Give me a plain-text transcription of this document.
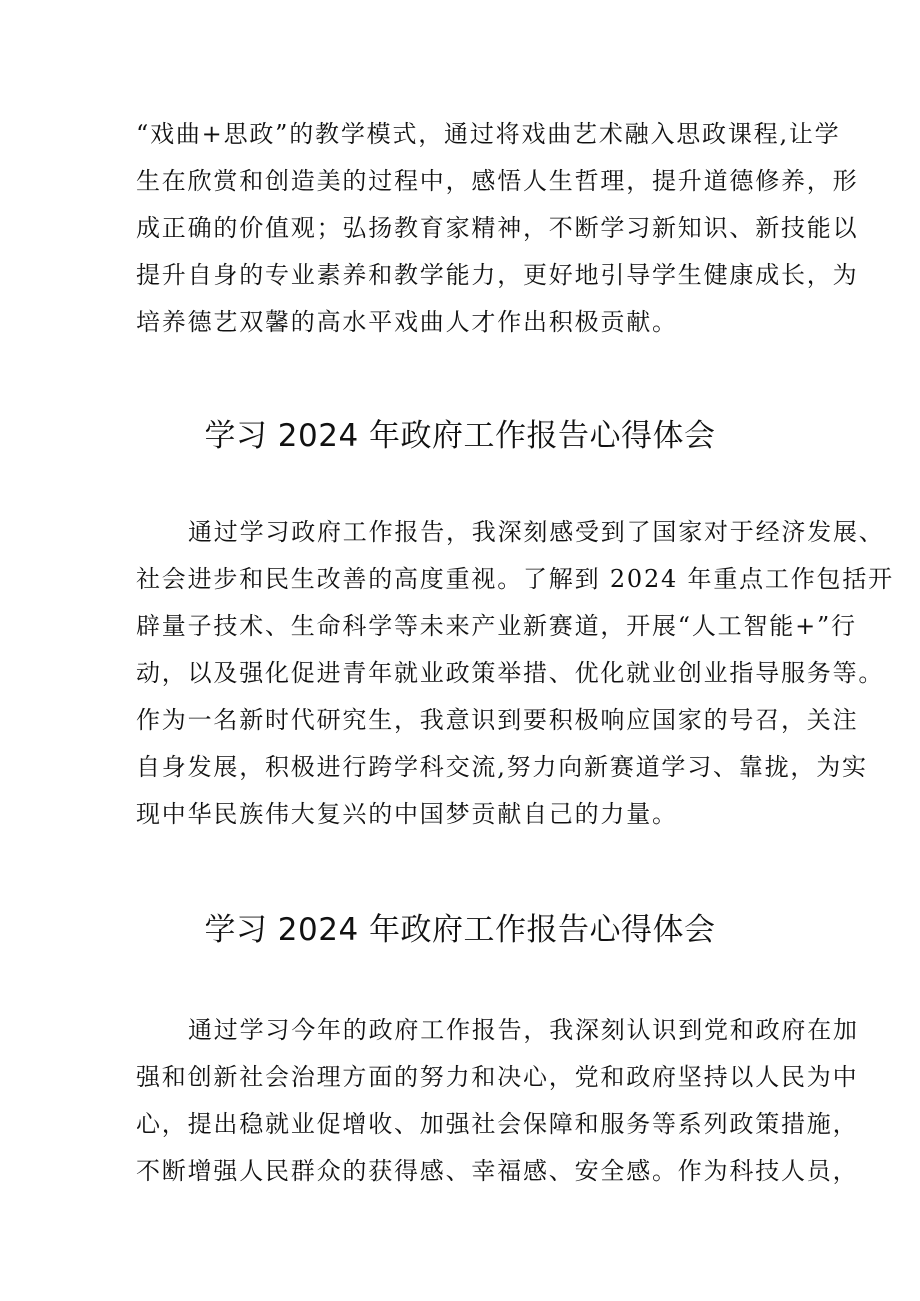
“戏曲+思政”的教学模式，通过将戏曲艺术融入思政课程,让学
生在欣赏和创造美的过程中，感悟人生哲理，提升道德修养，形
成正确的价值观；弘扬教育家精神，不断学习新知识、新技能以
提升自身的专业素养和教学能力，更好地引导学生健康成长，为
培养德艺双馨的高水平戏曲人才作出积极贡献。
学习 2024 年政府工作报告心得体会
通过学习政府工作报告，我深刻感受到了国家对于经济发展、
社会进步和民生改善的高度重视。了解到 2024 年重点工作包括开
辟量子技术、生命科学等未来产业新赛道，开展“人工智能+”行
动，以及强化促进青年就业政策举措、优化就业创业指导服务等。
作为一名新时代研究生，我意识到要积极响应国家的号召，关注
自身发展，积极进行跨学科交流,努力向新赛道学习、靠拢，为实
现中华民族伟大复兴的中国梦贡献自己的力量。
学习 2024 年政府工作报告心得体会
通过学习今年的政府工作报告，我深刻认识到党和政府在加
强和创新社会治理方面的努力和决心，党和政府坚持以人民为中
心，提出稳就业促增收、加强社会保障和服务等系列政策措施，
不断增强人民群众的获得感、幸福感、安全感。作为科技人员，
